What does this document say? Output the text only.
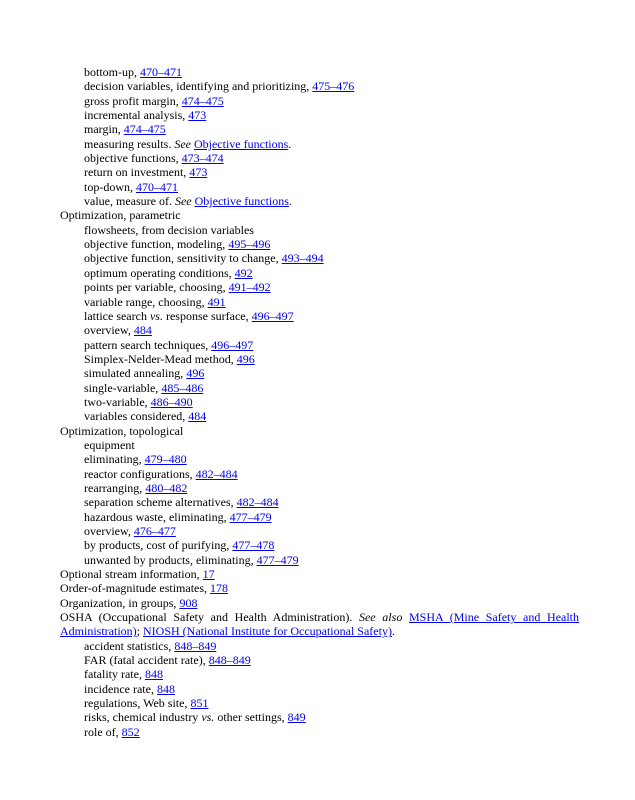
bottom-up, 470–471
decision variables, identifying and prioritizing, 475–476
gross profit margin, 474–475
incremental analysis, 473
margin, 474–475
measuring results. See Objective functions.
objective functions, 473–474
return on investment, 473
top-down, 470–471
value, measure of. See Objective functions.
Optimization, parametric
flowsheets, from decision variables
objective function, modeling, 495–496
objective function, sensitivity to change, 493–494
optimum operating conditions, 492
points per variable, choosing, 491–492
variable range, choosing, 491
lattice search vs. response surface, 496–497
overview, 484
pattern search techniques, 496–497
Simplex-Nelder-Mead method, 496
simulated annealing, 496
single-variable, 485–486
two-variable, 486–490
variables considered, 484
Optimization, topological
equipment
eliminating, 479–480
reactor configurations, 482–484
rearranging, 480–482
separation scheme alternatives, 482–484
hazardous waste, eliminating, 477–479
overview, 476–477
by products, cost of purifying, 477–478
unwanted by products, eliminating, 477–479
Optional stream information, 17
Order-of-magnitude estimates, 178
Organization, in groups, 908
OSHA (Occupational Safety and Health Administration). See also MSHA (Mine Safety and Health Administration); NIOSH (National Institute for Occupational Safety).
accident statistics, 848–849
FAR (fatal accident rate), 848–849
fatality rate, 848
incidence rate, 848
regulations, Web site, 851
risks, chemical industry vs. other settings, 849
role of, 852
